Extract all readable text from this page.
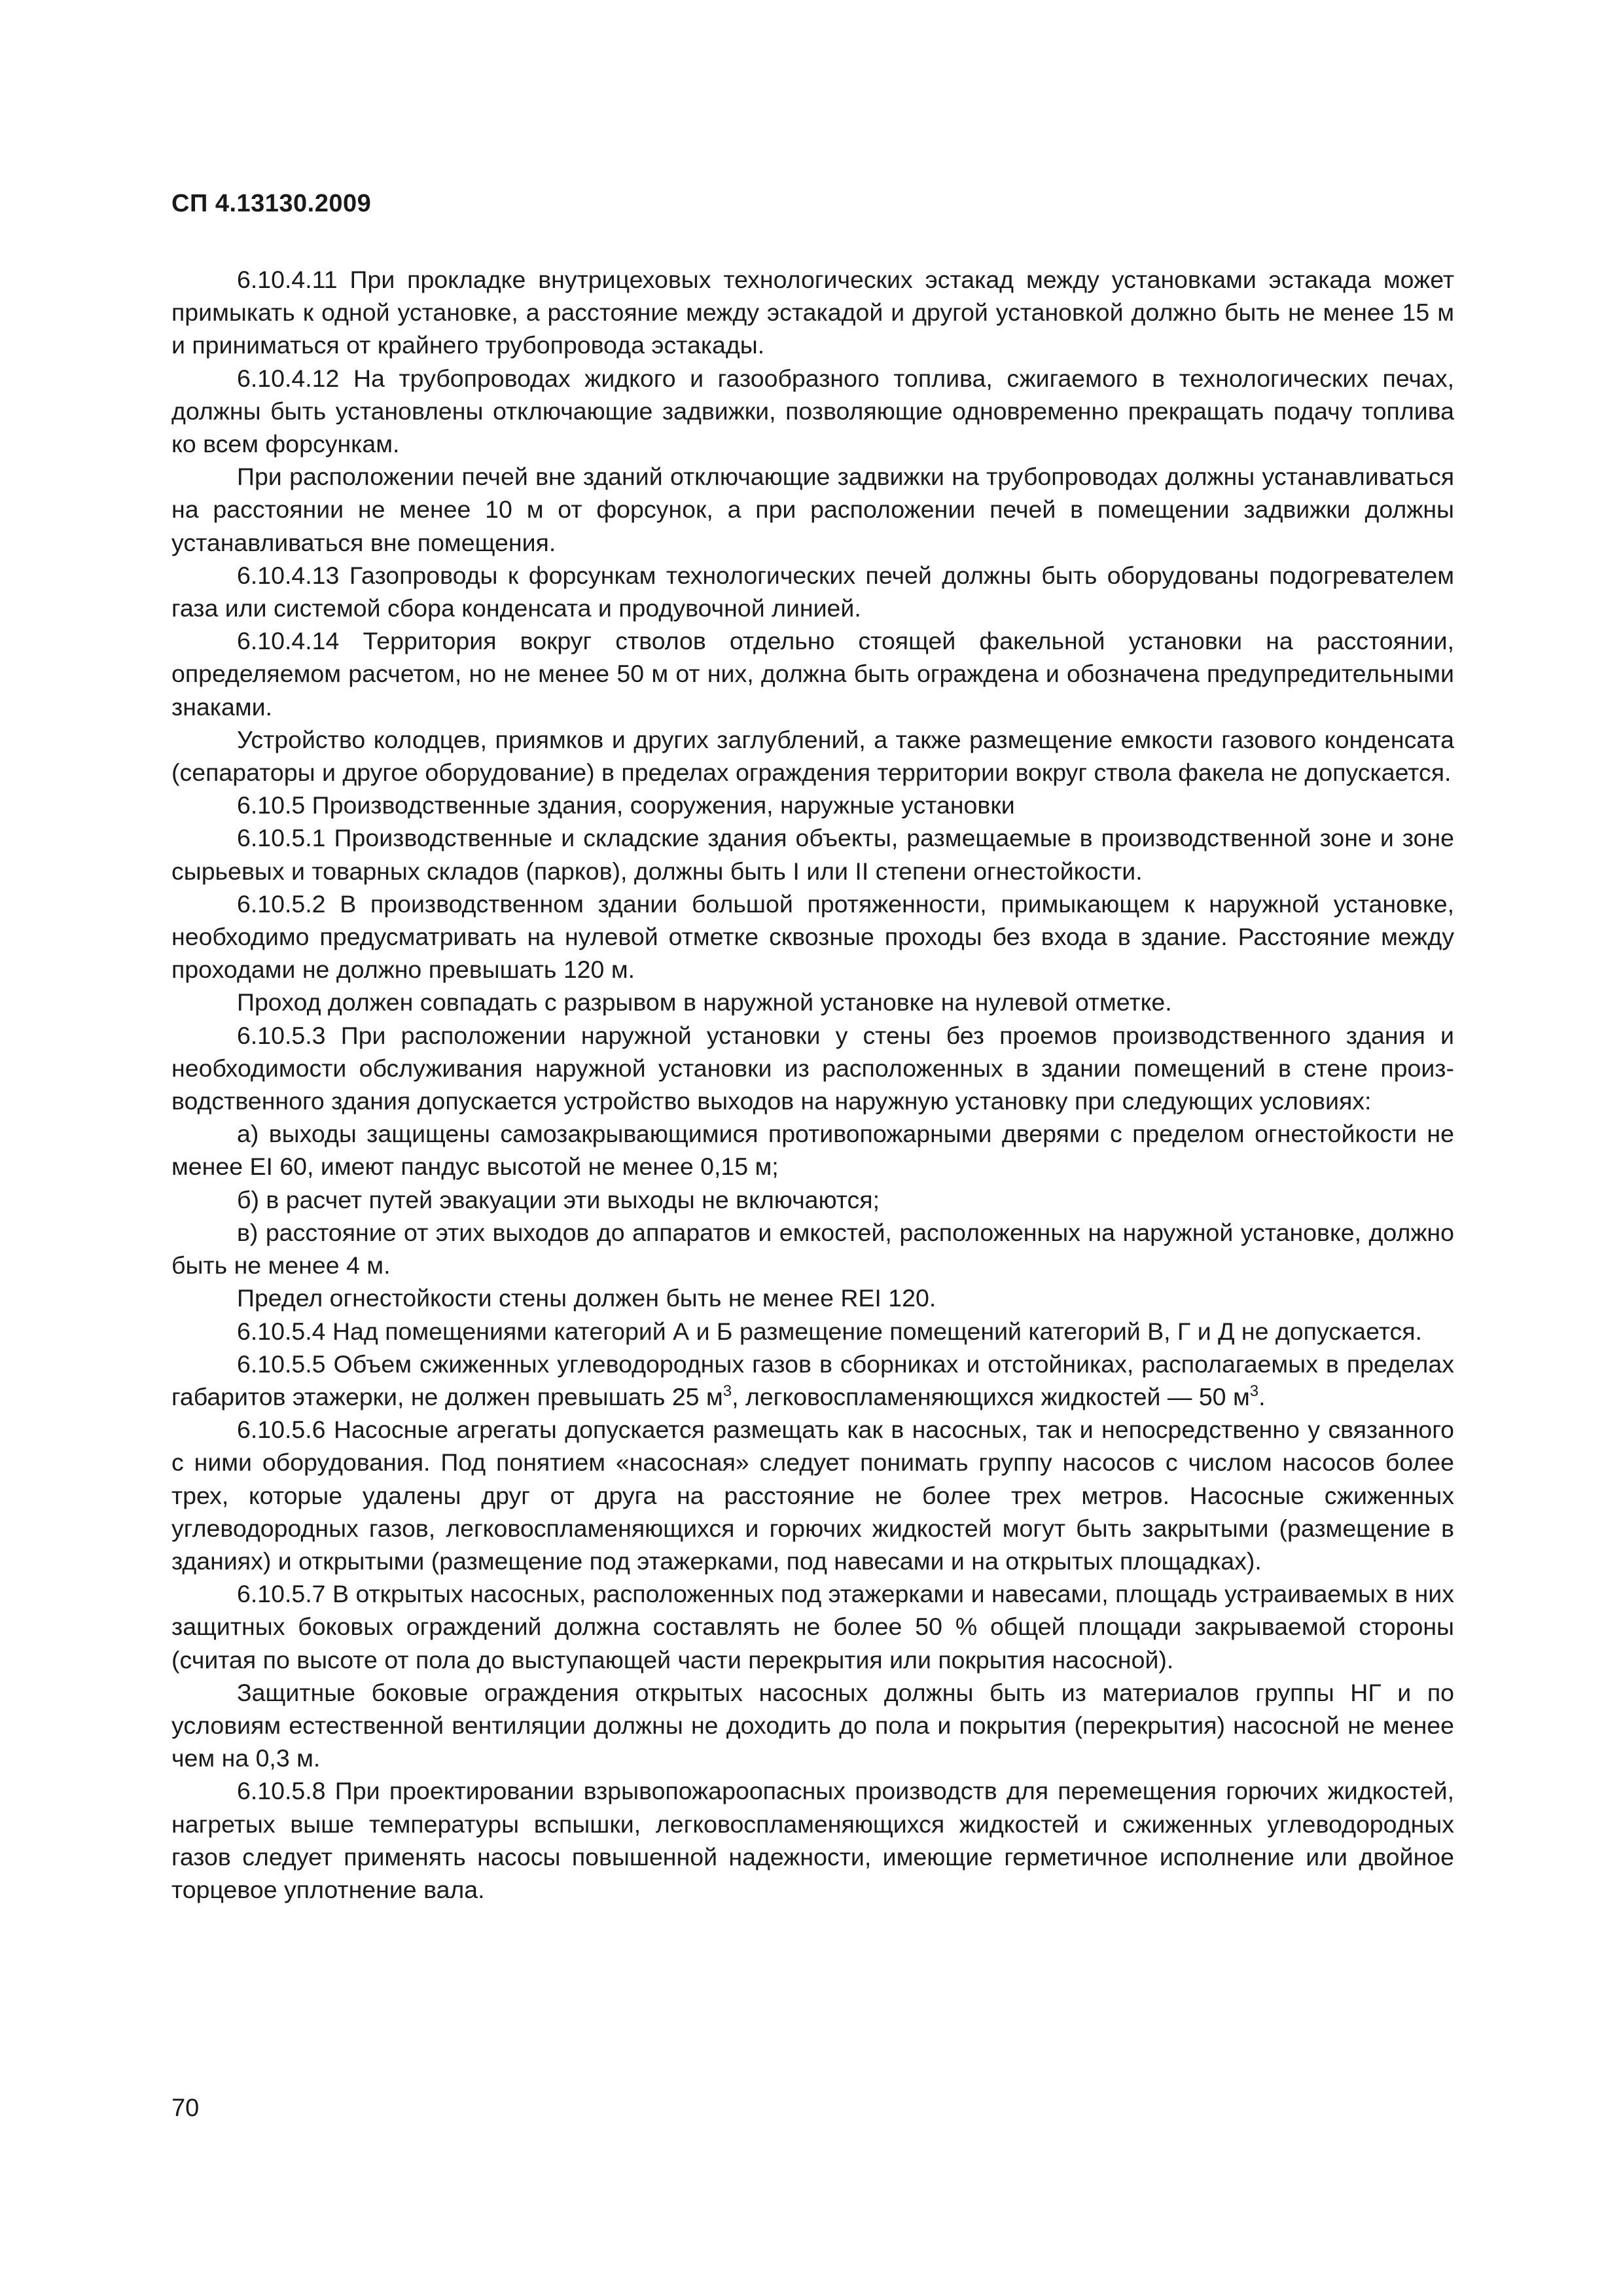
СП 4.13130.2009

6.10.4.11 При прокладке внутрицеховых технологических эстакад между установками эстакада может примыкать к одной установке, а расстояние между эстакадой и другой установкой должно быть не менее 15 м и приниматься от крайнего трубопровода эстакады.

6.10.4.12 На трубопроводах жидкого и газообразного топлива, сжигаемого в технологических печах, должны быть установлены отключающие задвижки, позволяющие одновременно прекращать подачу топлива ко всем форсункам.

При расположении печей вне зданий отключающие задвижки на трубопроводах должны устанавливаться на расстоянии не менее 10 м от форсунок, а при расположении печей в помещении задвижки должны устанавливаться вне помещения.

6.10.4.13 Газопроводы к форсункам технологических печей должны быть оборудованы подогревателем газа или системой сбора конденсата и продувочной линией.

6.10.4.14 Территория вокруг стволов отдельно стоящей факельной установки на расстоянии, определяемом расчетом, но не менее 50 м от них, должна быть ограждена и обозначена предупредительными знаками.

Устройство колодцев, приямков и других заглублений, а также размещение емкости газового конденсата (сепараторы и другое оборудование) в пределах ограждения территории вокруг ствола факела не допускается.

6.10.5 Производственные здания, сооружения, наружные установки

6.10.5.1 Производственные и складские здания объекты, размещаемые в производственной зоне и зоне сырьевых и товарных складов (парков), должны быть I или II степени огнестойкости.

6.10.5.2 В производственном здании большой протяженности, примыкающем к наружной установке, необходимо предусматривать на нулевой отметке сквозные проходы без входа в здание. Расстояние между проходами не должно превышать 120 м.

Проход должен совпадать с разрывом в наружной установке на нулевой отметке.

6.10.5.3 При расположении наружной установки у стены без проемов производственного здания и необходимости обслуживания наружной установки из расположенных в здании помещений в стене производственного здания допускается устройство выходов на наружную установку при следующих условиях:

а) выходы защищены самозакрывающимися противопожарными дверями с пределом огнестойкости не менее EI 60, имеют пандус высотой не менее 0,15 м;

б) в расчет путей эвакуации эти выходы не включаются;

в) расстояние от этих выходов до аппаратов и емкостей, расположенных на наружной установке, должно быть не менее 4 м.

Предел огнестойкости стены должен быть не менее REI 120.

6.10.5.4 Над помещениями категорий А и Б размещение помещений категорий В, Г и Д не допускается.

6.10.5.5 Объем сжиженных углеводородных газов в сборниках и отстойниках, располагаемых в пределах габаритов этажерки, не должен превышать 25 $м^3$, легковоспламеняющихся жидкостей — 50 $м^3$.

6.10.5.6 Насосные агрегаты допускается размещать как в насосных, так и непосредственно у связанного с ними оборудования. Под понятием «насосная» следует понимать группу насосов с числом насосов более трех, которые удалены друг от друга на расстояние не более трех метров. Насосные сжиженных углеводородных газов, легковоспламеняющихся и горючих жидкостей могут быть закрытыми (размещение в зданиях) и открытыми (размещение под этажерками, под навесами и на открытых площадках).

6.10.5.7 В открытых насосных, расположенных под этажерками и навесами, площадь устраиваемых в них защитных боковых ограждений должна составлять не более 50 % общей площади закрываемой стороны (считая по высоте от пола до выступающей части перекрытия или покрытия насосной).

Защитные боковые ограждения открытых насосных должны быть из материалов группы НГ и по условиям естественной вентиляции должны не доходить до пола и покрытия (перекрытия) насосной не менее чем на 0,3 м.

6.10.5.8 При проектировании взрывопожароопасных производств для перемещения горючих жидкостей, нагретых выше температуры вспышки, легковоспламеняющихся жидкостей и сжиженных углеводородных газов следует применять насосы повышенной надежности, имеющие герметичное исполнение или двойное торцевое уплотнение вала.

70
